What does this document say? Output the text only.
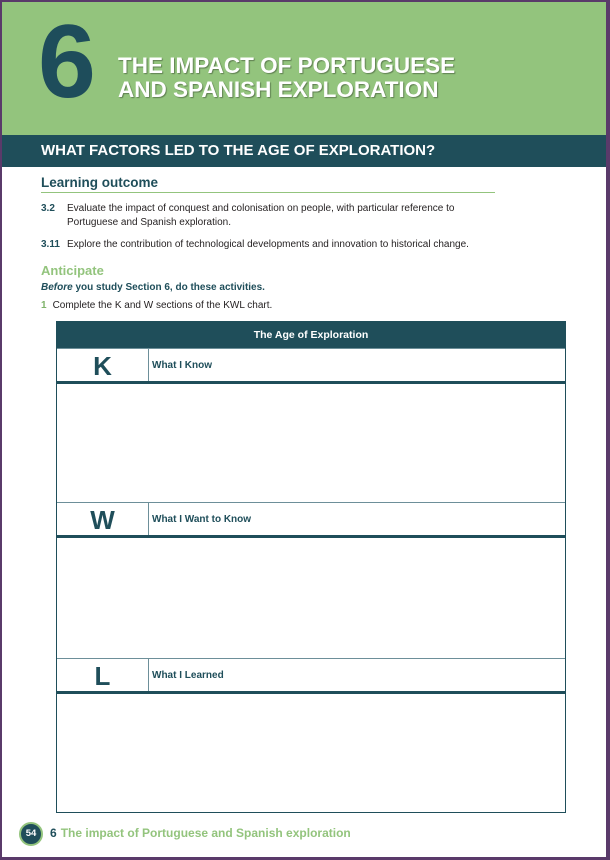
6 THE IMPACT OF PORTUGUESE
AND SPANISH EXPLORATION
WHAT FACTORS LED TO THE AGE OF EXPLORATION?
Learning outcome
3.2 Evaluate the impact of conquest and colonisation on people, with particular reference to
Portuguese and Spanish exploration.
3.11 Explore the contribution of technological developments and innovation to historical change.
Anticipate
Before you study Section 6, do these activities.
1 Complete the K and W sections of the KWL chart.
The Age of Exploration
K	What I Know
W	What I Want to Know
L	What I Learned
54	6 The impact of Portuguese and Spanish exploration
